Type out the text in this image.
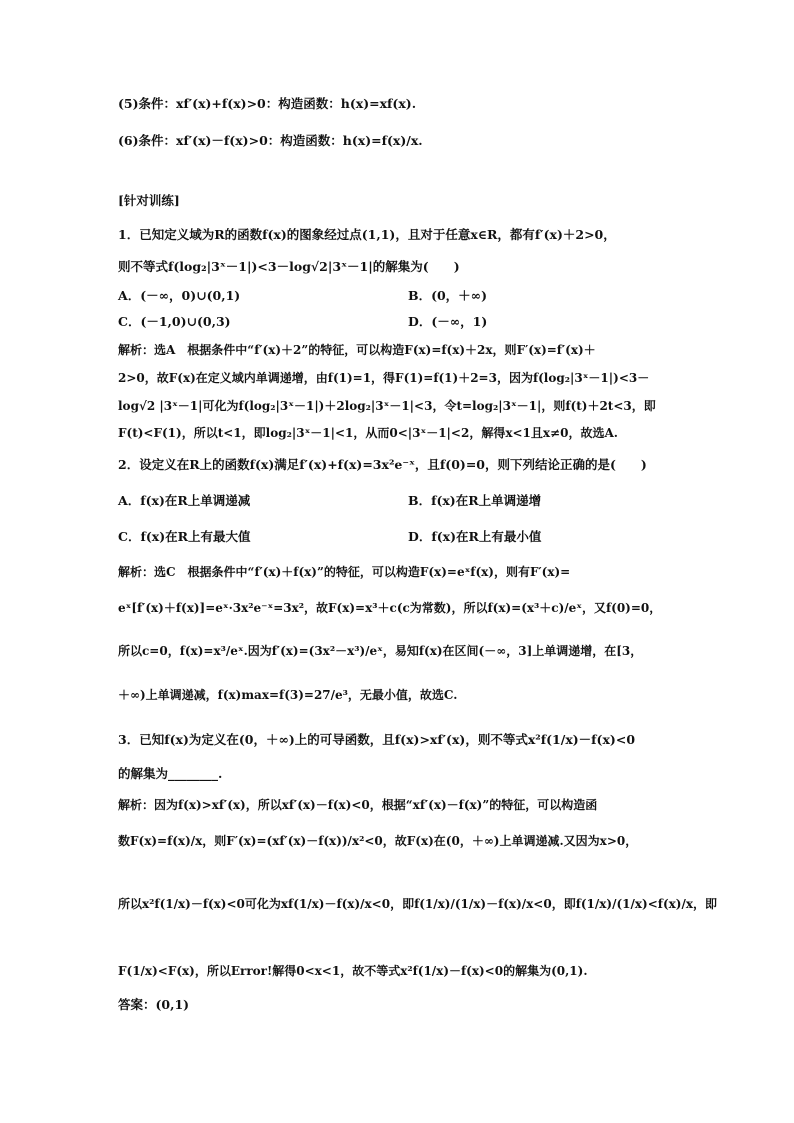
(5)条件：xf′(x)+f(x)>0：构造函数：h(x)=xf(x).
(6)条件：xf′(x)－f(x)>0：构造函数：h(x)=f(x)/x.
[针对训练]
1．已知定义域为R的函数f(x)的图象经过点(1,1)，且对于任意x∈R，都有f′(x)＋2>0，
则不等式f(log₂|3ˣ－1|)<3－log√2|3ˣ－1|的解集为(　　)
A．(－∞，0)∪(0,1)	B．(0，＋∞)
C．(－1,0)∪(0,3)	D．(－∞，1)
解析：选A　根据条件中“f′(x)＋2”的特征，可以构造F(x)=f(x)＋2x，则F′(x)=f′(x)＋
2>0，故F(x)在定义域内单调递增，由f(1)=1，得F(1)=f(1)＋2=3，因为f(log₂|3ˣ－1|)<3－
log√2 |3ˣ－1|可化为f(log₂|3ˣ－1|)＋2log₂|3ˣ－1|<3，令t=log₂|3ˣ－1|，则f(t)＋2t<3，即
F(t)<F(1)，所以t<1，即log₂|3ˣ－1|<1，从而0<|3ˣ－1|<2，解得x<1且x≠0，故选A.
2．设定义在R上的函数f(x)满足f′(x)+f(x)=3x²e⁻ˣ，且f(0)=0，则下列结论正确的是(　　)
A．f(x)在R上单调递减	B．f(x)在R上单调递增
C．f(x)在R上有最大值	D．f(x)在R上有最小值
解析：选C　根据条件中“f′(x)＋f(x)”的特征，可以构造F(x)=eˣf(x)，则有F′(x)=
eˣ[f′(x)＋f(x)]=eˣ·3x²e⁻ˣ=3x²，故F(x)=x³＋c(c为常数)，所以f(x)=(x³＋c)/eˣ，又f(0)=0，
所以c=0，f(x)=x³/eˣ.因为f′(x)=(3x²－x³)/eˣ，易知f(x)在区间(－∞，3]上单调递增，在[3，
＋∞)上单调递减，f(x)max=f(3)=27/e³，无最小值，故选C.
3．已知f(x)为定义在(0，＋∞)上的可导函数，且f(x)>xf′(x)，则不等式x²f(1/x)－f(x)<0
的解集为________.
解析：因为f(x)>xf′(x)，所以xf′(x)－f(x)<0，根据“xf′(x)－f(x)”的特征，可以构造函
数F(x)=f(x)/x，则F′(x)=(xf′(x)－f(x))/x²<0，故F(x)在(0，＋∞)上单调递减.又因为x>0，
所以x²f(1/x)－f(x)<0可化为xf(1/x)－f(x)/x<0，即f(1/x)/(1/x)－f(x)/x<0，即f(1/x)/(1/x)<f(x)/x，即
F(1/x)<F(x)，所以Error!解得0<x<1，故不等式x²f(1/x)－f(x)<0的解集为(0,1).
答案：(0,1)
